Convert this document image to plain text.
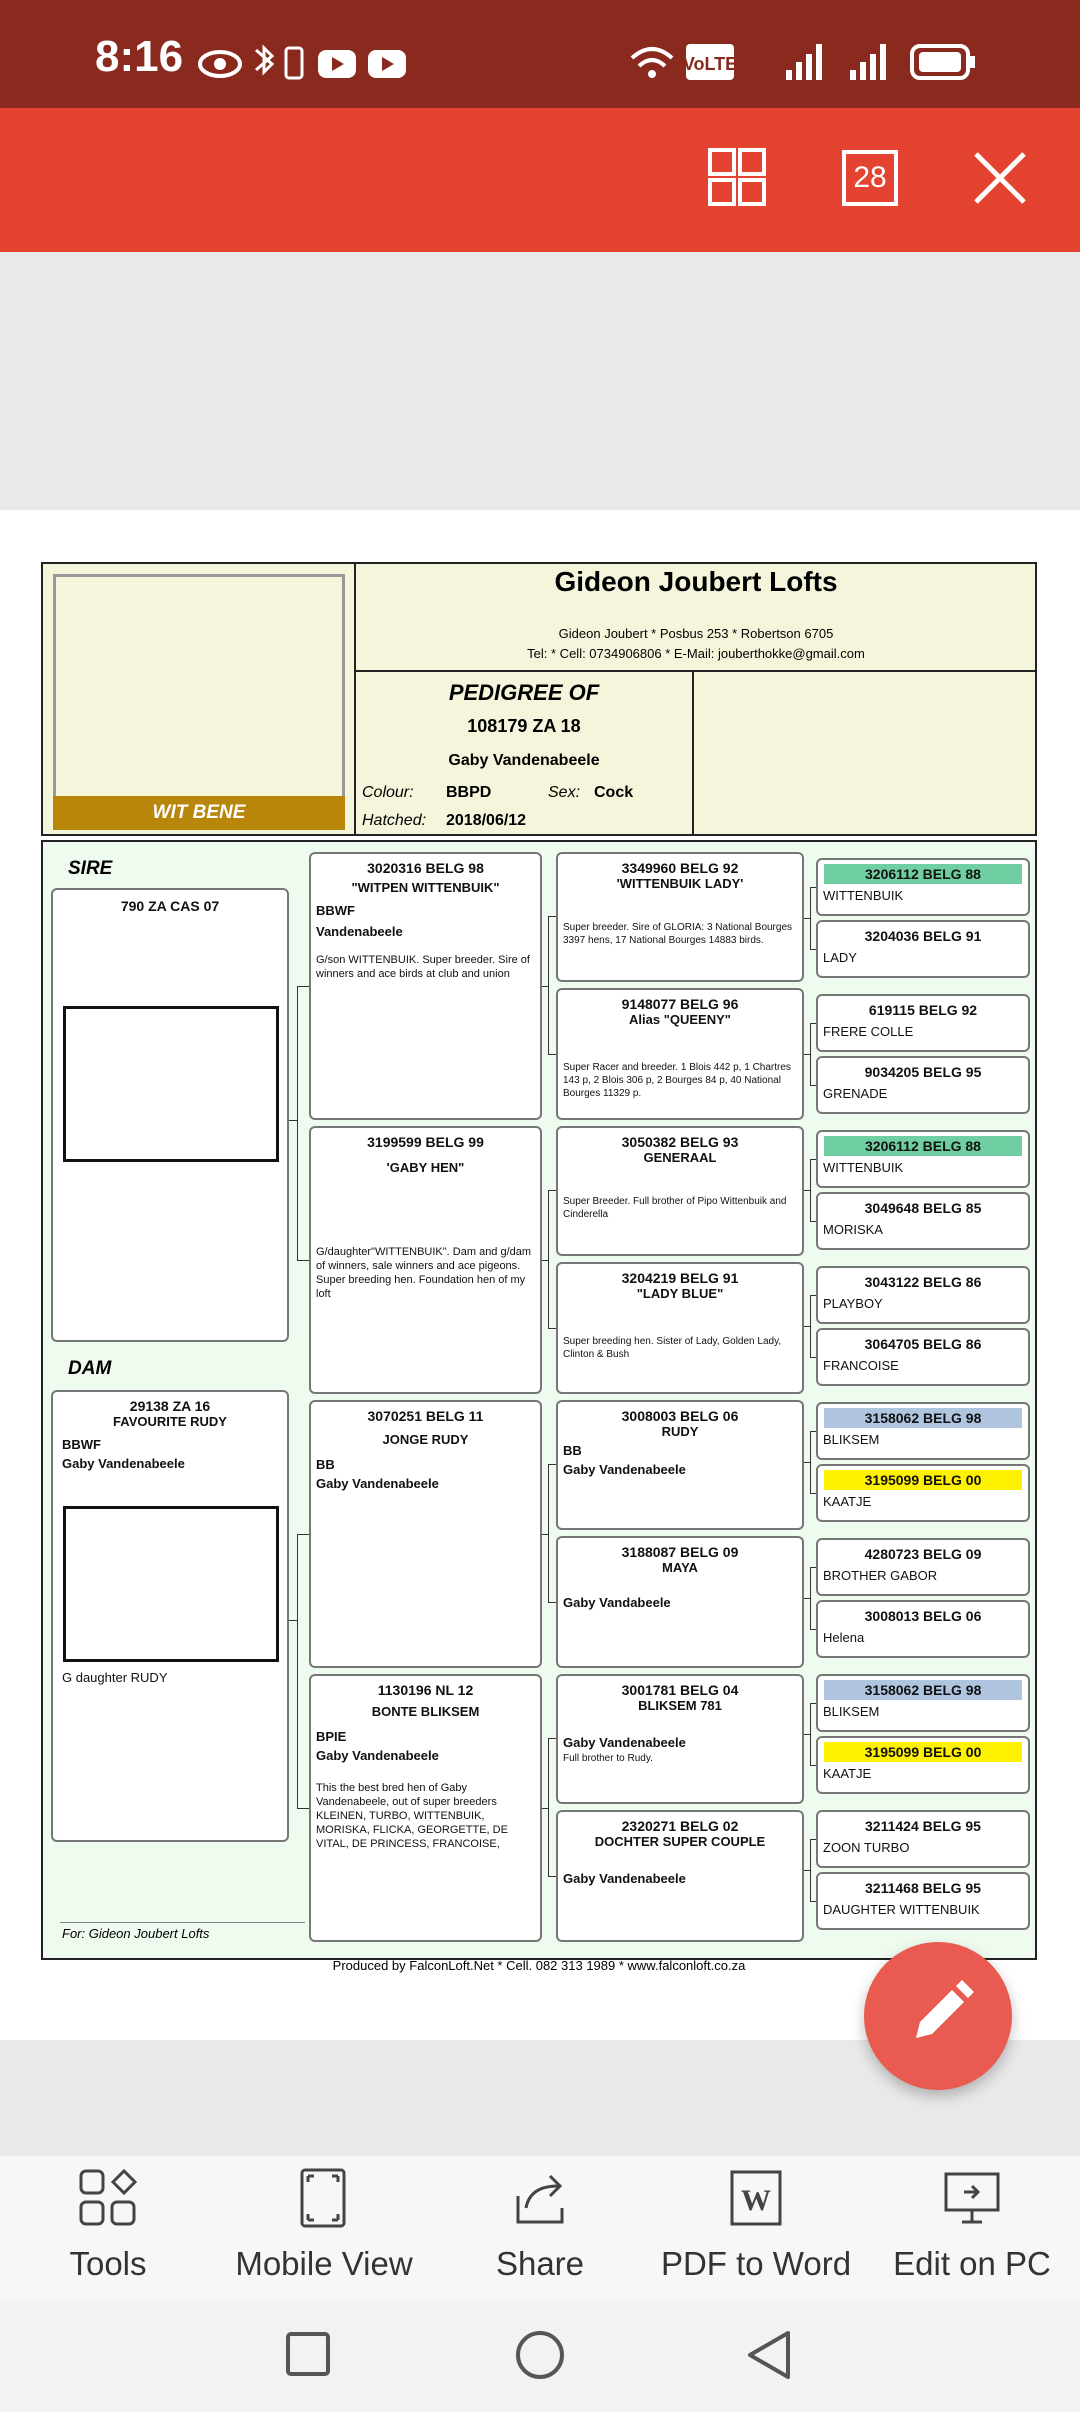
8:16	VoLTE
28
WIT BENE
Gideon Joubert Lofts
Gideon Joubert * Posbus 253 * Robertson 6705
Tel: * Cell: 0734906806 * E-Mail: jouberthokke@gmail.com
PEDIGREE OF
108179 ZA 18
Gaby Vandenabeele
Colour: BBPD	Sex: Cock
Hatched: 2018/06/12
SIRE
DAM
790 ZA CAS 07
29138 ZA 16
FAVOURITE RUDY
BBWF
Gaby Vandenabeele
G daughter RUDY
For: Gideon Joubert Lofts
Produced by FalconLoft.Net * Cell. 082 313 1989 * www.falconloft.co.za
3020316 BELG 98
"WITPEN WITTENBUIK"
BBWF
Vandenabeele
G/son WITTENBUIK. Super breeder. Sire of winners and ace birds at club and union
3199599 BELG 99
'GABY HEN"
G/daughter"WITTENBUIK". Dam and g/dam of winners, sale winners and ace pigeons. Super breeding hen. Foundation hen of my loft
3070251 BELG 11
JONGE RUDY
BB
Gaby Vandenabeele
1130196 NL 12
BONTE BLIKSEM
BPIE
Gaby Vandenabeele
This the best bred hen of Gaby Vandenabeele, out of super breeders KLEINEN, TURBO, WITTENBUIK, MORISKA, FLICKA, GEORGETTE, DE VITAL, DE PRINCESS, FRANCOISE,
3349960 BELG 92
'WITTENBUIK LADY'
Super breeder. Sire of GLORIA: 3 National Bourges 3397 hens, 17 National Bourges 14883 birds.
9148077 BELG 96
Alias "QUEENY"
Super Racer and breeder. 1 Blois 442 p, 1 Chartres 143 p, 2 Blois 306 p, 2 Bourges 84 p, 40 National Bourges 11329 p.
3050382 BELG 93
GENERAAL
Super Breeder. Full brother of Pipo Wittenbuik and Cinderella
3204219 BELG 91
"LADY BLUE"
Super breeding hen. Sister of Lady, Golden Lady, Clinton & Bush
3008003 BELG 06
RUDY
BB
Gaby Vandenabeele
3188087 BELG 09
MAYA
Gaby Vandabeele
3001781 BELG 04
BLIKSEM 781
Gaby Vandenabeele
Full brother to Rudy.
2320271 BELG 02
DOCHTER SUPER COUPLE
Gaby Vandenabeele
3206112 BELG 88
WITTENBUIK
3204036 BELG 91
LADY
619115 BELG 92
FRERE COLLE
9034205 BELG 95
GRENADE
3206112 BELG 88
WITTENBUIK
3049648 BELG 85
MORISKA
3043122 BELG 86
PLAYBOY
3064705 BELG 86
FRANCOISE
3158062 BELG 98
BLIKSEM
3195099 BELG 00
KAATJE
4280723 BELG 09
BROTHER GABOR
3008013 BELG 06
Helena
3158062 BELG 98
BLIKSEM
3195099 BELG 00
KAATJE
3211424 BELG 95
ZOON TURBO
3211468 BELG 95
DAUGHTER WITTENBUIK
Tools	Mobile View	Share
W
PDF to Word	Edit on PC
